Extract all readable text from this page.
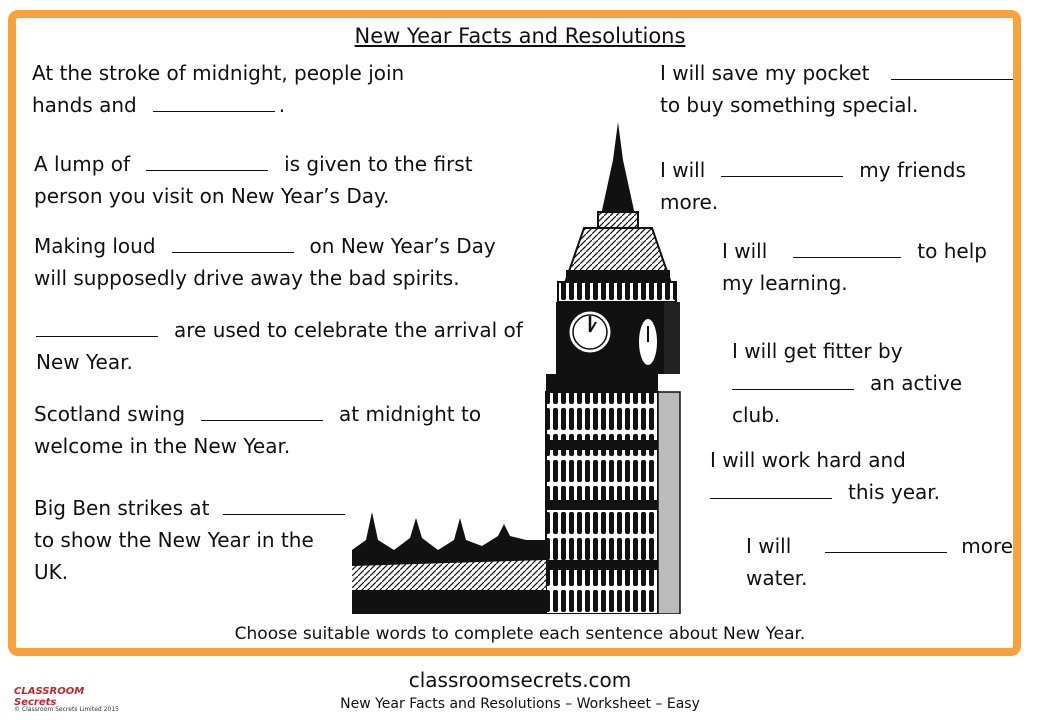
New Year Facts and Resolutions
At the stroke of midnight, people join
hands and	.
A lump of	is given to the first
person you visit on New Year’s Day.
Making loud	on New Year’s Day
will supposedly drive away the bad spirits.
are used to celebrate the arrival of
New Year.
Scotland swing	at midnight to
welcome in the New Year.
Big Ben strikes at
to show the New Year in the
UK.
I will save my pocket
to buy something special.
I will	my friends
more.
I will	to help
my learning.
I will get fitter by
an active
club.
I will work hard and
this year.
I will	more
water.
Choose suitable words to complete each sentence about New Year.
CLASSROOM Secrets
© Classroom Secrets Limited 2015
classroomsecrets.com
New Year Facts and Resolutions – Worksheet – Easy
